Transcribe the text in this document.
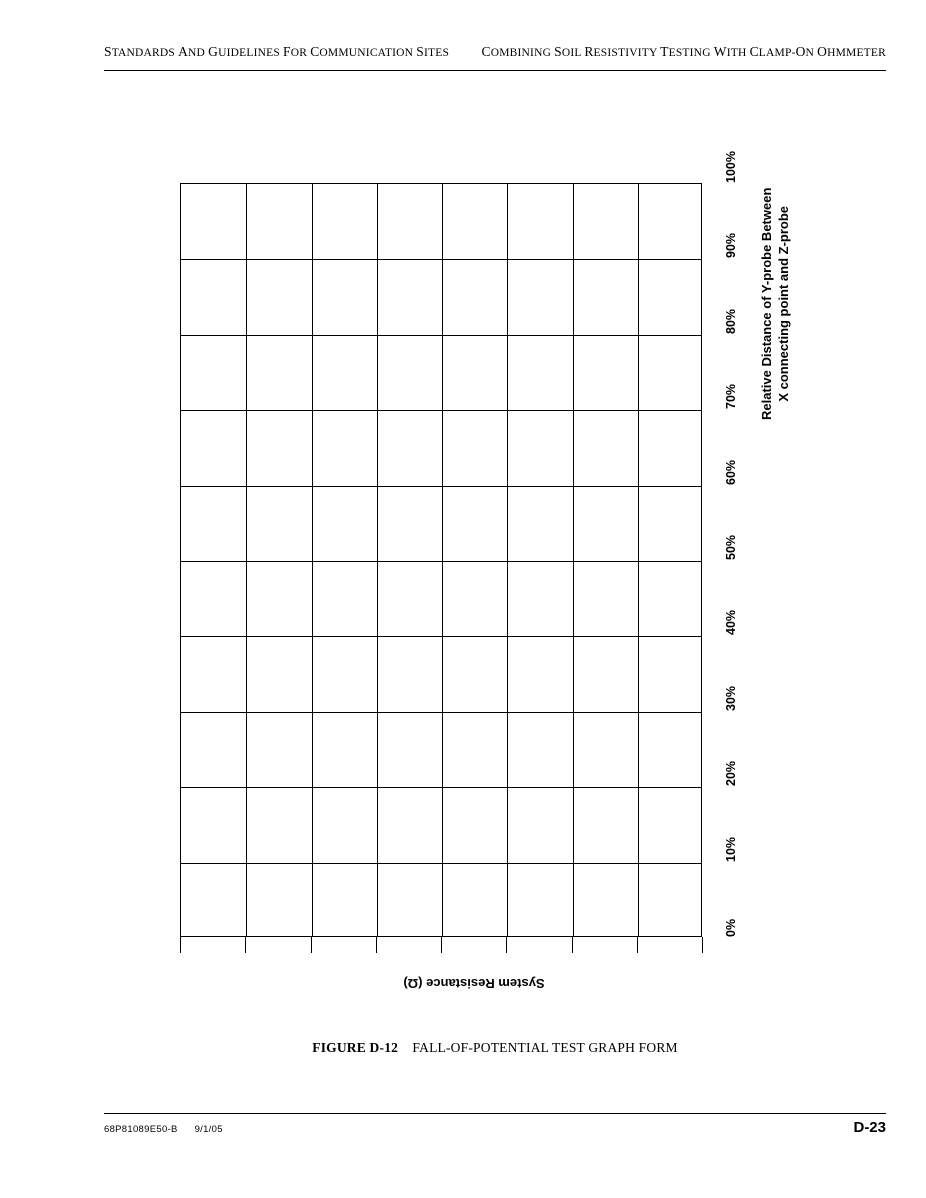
STANDARDS AND GUIDELINES FOR COMMUNICATION SITES COMBINING SOIL RESISTIVITY TESTING WITH CLAMP-ON OHMMETER
0%
10%
20%
30%
40%
50%
60%
70%
80%
90%
100%
Relative Distance of Y-probe Between X connecting point and Z-probe
System Resistance (Ω)
FIGURE D-12 FALL-OF-POTENTIAL TEST GRAPH FORM
68P81089E50-B 9/1/05	D-23
